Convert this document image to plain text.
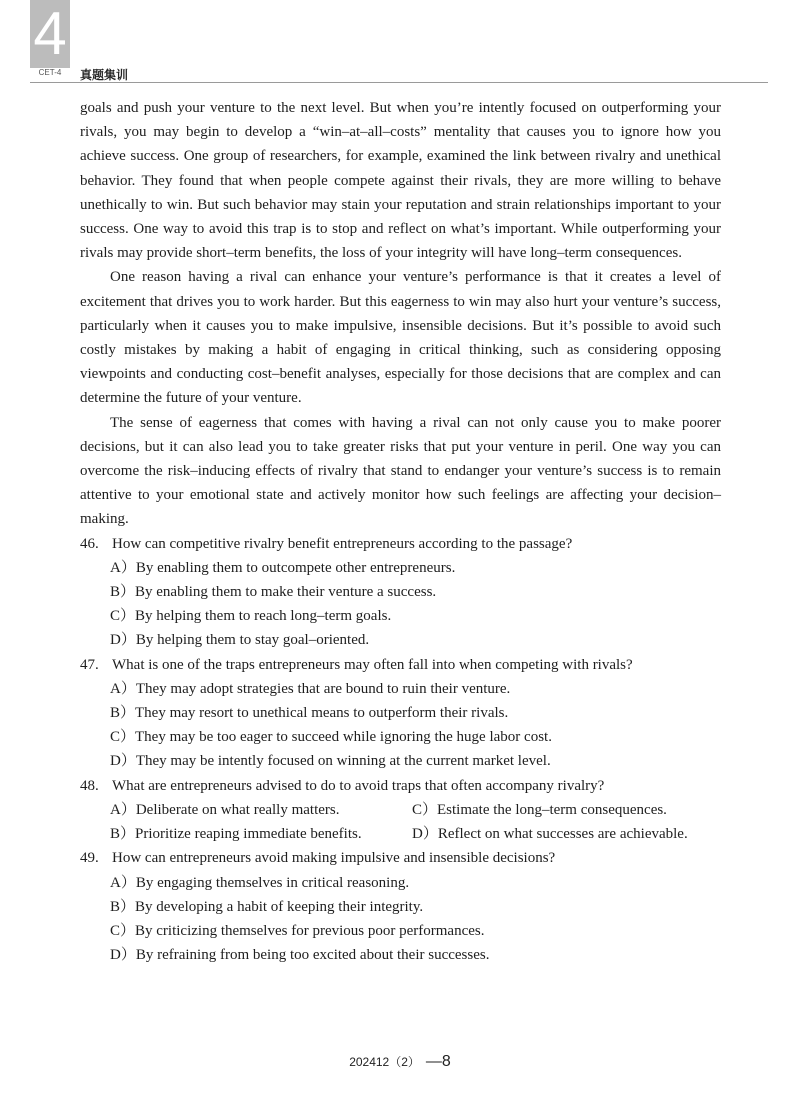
4
CET-4	真题集训

goals and push your venture to the next level. But when you’re intently focused on outperforming your rivals, you may begin to develop a “win–at–all–costs” mentality that causes you to ignore how you achieve success. One group of researchers, for example, examined the link between rivalry and unethical behavior. They found that when people compete against their rivals, they are more willing to behave unethically to win. But such behavior may stain your reputation and strain relationships important to your success. One way to avoid this trap is to stop and reflect on what’s important. While outperforming your rivals may provide short–term benefits, the loss of your integrity will have long–term consequences.

One reason having a rival can enhance your venture’s performance is that it creates a level of excitement that drives you to work harder. But this eagerness to win may also hurt your venture’s success, particularly when it causes you to make impulsive, insensible decisions. But it’s possible to avoid such costly mistakes by making a habit of engaging in critical thinking, such as considering opposing viewpoints and conducting cost–benefit analyses, especially for those decisions that are complex and can determine the future of your venture.

The sense of eagerness that comes with having a rival can not only cause you to make poorer decisions, but it can also lead you to take greater risks that put your venture in peril. One way you can overcome the risk–inducing effects of rivalry that stand to endanger your venture’s success is to remain attentive to your emotional state and actively monitor how such feelings are affecting your decision–making.

46. How can competitive rivalry benefit entrepreneurs according to the passage?

A）By enabling them to outcompete other entrepreneurs.

B）By enabling them to make their venture a success.

C）By helping them to reach long–term goals.

D）By helping them to stay goal–oriented.

47. What is one of the traps entrepreneurs may often fall into when competing with rivals?

A）They may adopt strategies that are bound to ruin their venture.

B）They may resort to unethical means to outperform their rivals.

C）They may be too eager to succeed while ignoring the huge labor cost.

D）They may be intently focused on winning at the current market level.

48. What are entrepreneurs advised to do to avoid traps that often accompany rivalry?

A）Deliberate on what really matters.	C）Estimate the long–term consequences.
B）Prioritize reaping immediate benefits.	D）Reflect on what successes are achievable.

49. How can entrepreneurs avoid making impulsive and insensible decisions?

A）By engaging themselves in critical reasoning.

B）By developing a habit of keeping their integrity.

C）By criticizing themselves for previous poor performances.

D）By refraining from being too excited about their successes.

202412（2） —8
